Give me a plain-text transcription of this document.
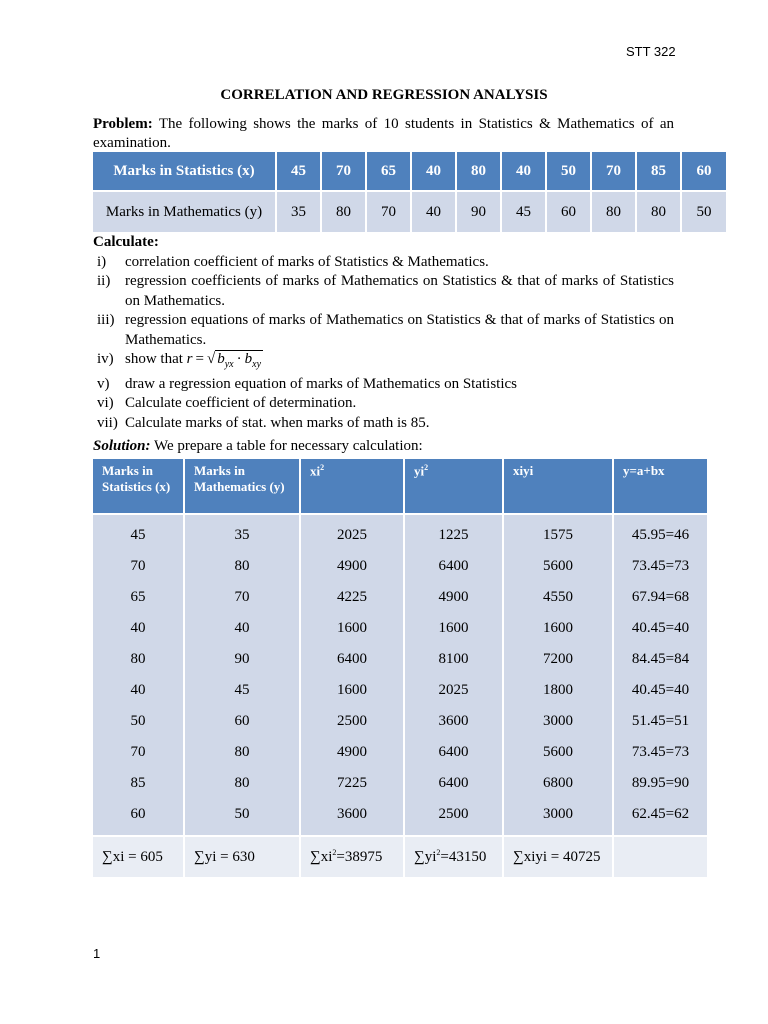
STT 322
CORRELATION AND REGRESSION ANALYSIS
Problem: The following shows the marks of 10 students in Statistics & Mathematics of an examination.
Marks in Statistics (x)	45	70	65	40	80	40	50	70	85	60
Marks in Mathematics (y)	35	80	70	40	90	45	60	80	80	50
Calculate:
i) correlation coefficient of marks of Statistics & Mathematics.
ii) regression coefficients of marks of Mathematics on Statistics & that of marks of Statistics on Mathematics.
iii) regression equations of marks of Mathematics on Statistics & that of marks of Statistics on Mathematics.
iv) show that r = √ $b_{yx} \cdot b_{xy}$
v) draw a regression equation of marks of Mathematics on Statistics
vi) Calculate coefficient of determination.
vii) Calculate marks of stat. when marks of math is 85.
Solution: We prepare a table for necessary calculation:
Marks in Statistics (x)	Marks in Mathematics (y)	$xi^2$	$yi^2$	xiyi	y=a+bx
45	35	2025	1225	1575	45.95=46
70	80	4900	6400	5600	73.45=73
65	70	4225	4900	4550	67.94=68
40	40	1600	1600	1600	40.45=40
80	90	6400	8100	7200	84.45=84
40	45	1600	2025	1800	40.45=40
50	60	2500	3600	3000	51.45=51
70	80	4900	6400	5600	73.45=73
85	80	7225	6400	6800	89.95=90
60	50	3600	2500	3000	62.45=62
∑xi = 605	∑yi = 630	$\sum xi^2=38975$	$\sum yi^2=43150$	∑xiyi = 40725	
1
